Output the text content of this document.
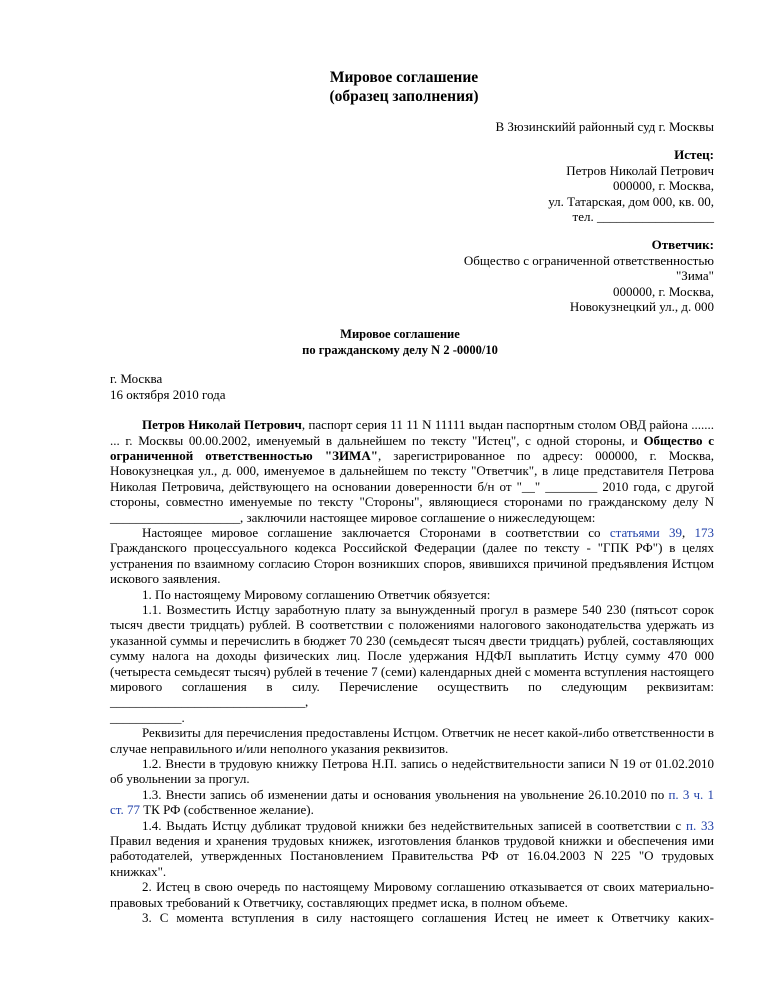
Мировое соглашение
(образец заполнения)
В Зюзинскийй районный суд г. Москвы
Истец:
Петров Николай Петрович
000000, г. Москва,
ул. Татарская, дом 000, кв. 00,
тел. __________________
Ответчик:
Общество с ограниченной ответственностью
"Зима"
000000, г. Москва,
Новокузнецкий ул., д. 000
Мировое соглашение
по гражданскому делу N 2 -0000/10
г. Москва
16 октября 2010 года

Петров Николай Петрович, паспорт серия 11 11 N 11111 выдан паспортным столом ОВД района ....... ... г. Москвы 00.00.2002, именуемый в дальнейшем по тексту "Истец", с одной стороны, и Общество с ограниченной ответственностью "ЗИМА", зарегистрированное по адресу: 000000, г. Москва, Новокузнецкая ул., д. 000, именуемое в дальнейшем по тексту "Ответчик", в лице представителя Петрова Николая Петровича, действующего на основании доверенности б/н от "__" ________ 2010 года, с другой стороны, совместно именуемые по тексту "Стороны", являющиеся сторонами по гражданскому делу N ____________________, заключили настоящее мировое соглашение о нижеследующем:

Настоящее мировое соглашение заключается Сторонами в соответствии со статьями 39, 173 Гражданского процессуального кодекса Российской Федерации (далее по тексту - "ГПК РФ") в целях устранения по взаимному согласию Сторон возникших споров, явившихся причиной предъявления Истцом искового заявления.

1. По настоящему Мировому соглашению Ответчик обязуется:

1.1. Возместить Истцу заработную плату за вынужденный прогул в размере 540 230 (пятьсот сорок тысяч двести тридцать) рублей. В соответствии с положениями налогового законодательства удержать из указанной суммы и перечислить в бюджет 70 230 (семьдесят тысяч двести тридцать) рублей, составляющих сумму налога на доходы физических лиц. После удержания НДФЛ выплатить Истцу сумму 470 000 (четыреста семьдесят тысяч) рублей в течение 7 (семи) календарных дней с момента вступления настоящего мирового соглашения в силу. Перечисление осуществить по следующим реквизитам: ______________________________,

___________.

Реквизиты для перечисления предоставлены Истцом. Ответчик не несет какой-либо ответственности в случае неправильного и/или неполного указания реквизитов.

1.2. Внести в трудовую книжку Петрова Н.П. запись о недействительности записи N 19 от 01.02.2010 об увольнении за прогул.

1.3. Внести запись об изменении даты и основания увольнения на увольнение 26.10.2010 по п. 3 ч. 1 ст. 77 ТК РФ (собственное желание).

1.4. Выдать Истцу дубликат трудовой книжки без недействительных записей в соответствии с п. 33 Правил ведения и хранения трудовых книжек, изготовления бланков трудовой книжки и обеспечения ими работодателей, утвержденных Постановлением Правительства РФ от 16.04.2003 N 225 "О трудовых книжках".

2. Истец в свою очередь по настоящему Мировому соглашению отказывается от своих материально-правовых требований к Ответчику, составляющих предмет иска, в полном объеме.

3. С момента вступления в силу настоящего соглашения Истец не имеет к Ответчику каких-
